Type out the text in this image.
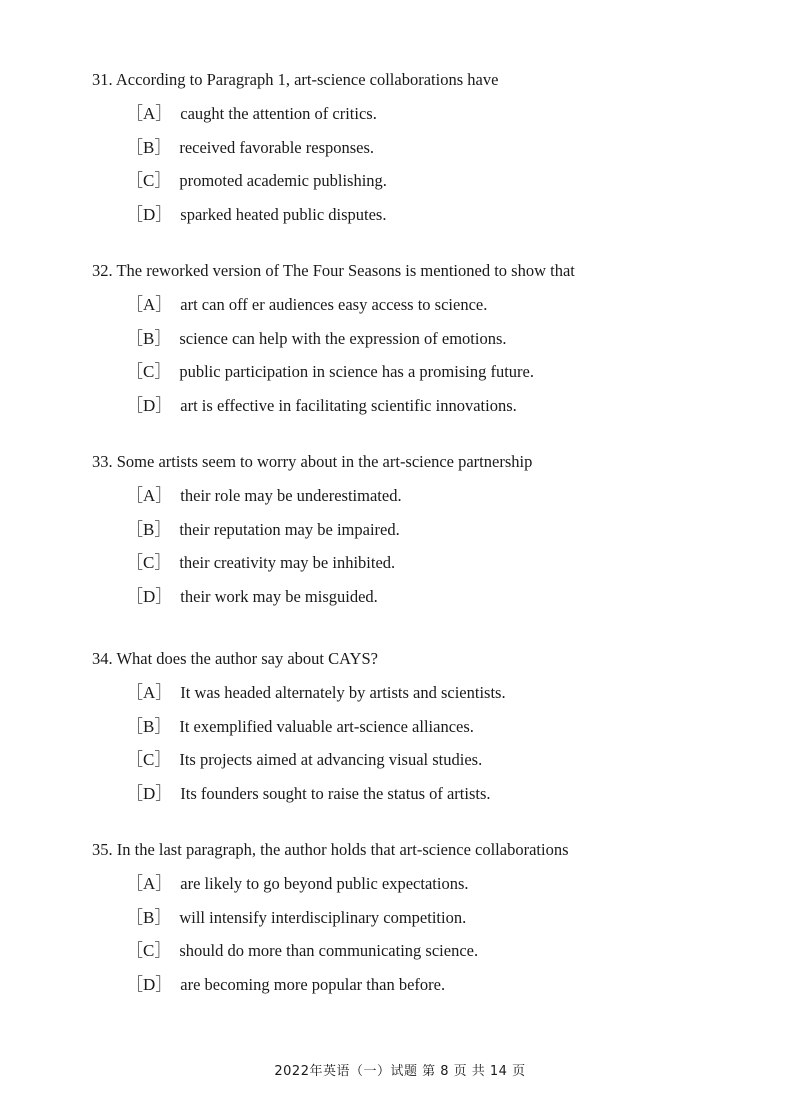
31. According to Paragraph 1, art-science collaborations have

［A］ caught the attention of critics.
［B］ received favorable responses.
［C］ promoted academic publishing.
［D］ sparked heated public disputes.

32. The reworked version of The Four Seasons is mentioned to show that

［A］ art can off er audiences easy access to science.
［B］ science can help with the expression of emotions.
［C］ public participation in science has a promising future.
［D］ art is effective in facilitating scientific innovations.

33. Some artists seem to worry about in the art-science partnership

［A］ their role may be underestimated.
［B］ their reputation may be impaired.
［C］ their creativity may be inhibited.
［D］ their work may be misguided.

34. What does the author say about CAYS?

［A］ It was headed alternately by artists and scientists.
［B］ It exemplified valuable art-science alliances.
［C］ Its projects aimed at advancing visual studies.
［D］ Its founders sought to raise the status of artists.

35. In the last paragraph, the author holds that art-science collaborations

［A］ are likely to go beyond public expectations.
［B］ will intensify interdisciplinary competition.
［C］ should do more than communicating science.
［D］ are becoming more popular than before.
2022年英语（一）试题 第 8 页 共 14 页
